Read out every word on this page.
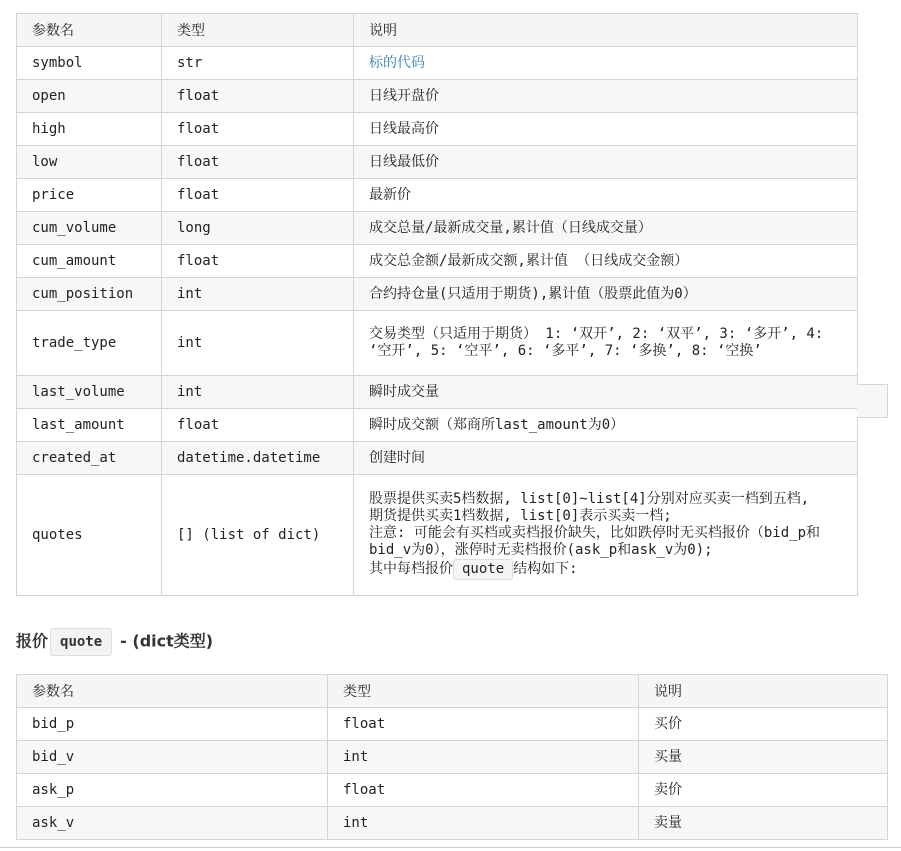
参数名	类型	说明
symbol	str	标的代码
open	float	日线开盘价
high	float	日线最高价
low	float	日线最低价
price	float	最新价
cum_volume	long	成交总量/最新成交量,累计值（日线成交量）
cum_amount	float	成交总金额/最新成交额,累计值 （日线成交金额）
cum_position	int	合约持仓量(只适用于期货),累计值（股票此值为0）
trade_type	int	交易类型（只适用于期货） 1: ‘双开’, 2: ‘双平’, 3: ‘多开’, 4: ‘空开’, 5: ‘空平’, 6: ‘多平’, 7: ‘多换’, 8: ‘空换’
last_volume	int	瞬时成交量
last_amount	float	瞬时成交额（郑商所last_amount为0）
created_at	datetime.datetime	创建时间
quotes	[] (list of dict)	股票提供买卖5档数据, list[0]~list[4]分别对应买卖一档到五档,
期货提供买卖1档数据, list[0]表示买卖一档;
注意: 可能会有买档或卖档报价缺失，比如跌停时无买档报价（bid_p和bid_v为0），涨停时无卖档报价(ask_p和ask_v为0);
其中每档报价 quote 结构如下:
报价 quote - (dict类型)
参数名	类型	说明
bid_p	float	买价
bid_v	int	买量
ask_p	float	卖价
ask_v	int	卖量
